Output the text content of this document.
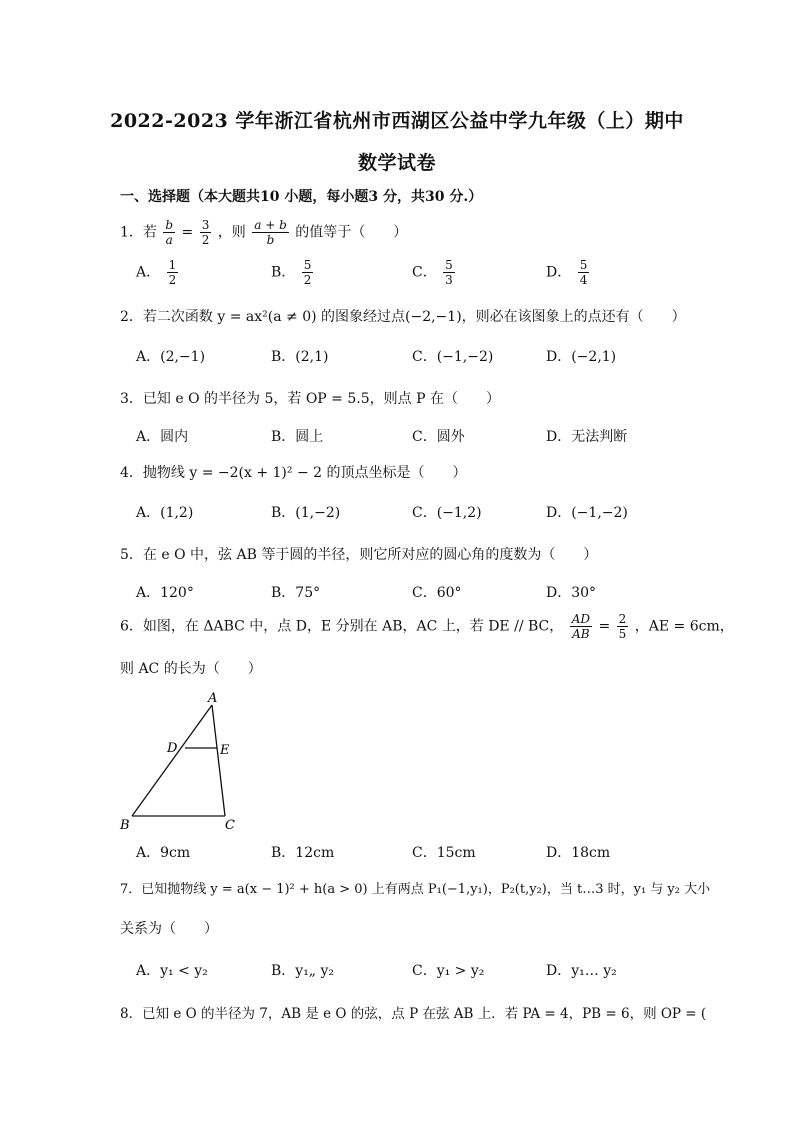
2022-2023 学年浙江省杭州市西湖区公益中学九年级（上）期中
数学试卷
一、选择题（本大题共10 小题，每小题3 分，共30 分.）
1．若 $\frac{b}{a} = \frac{3}{2}$ ，则 $\frac{a + b}{b}$ 的值等于（　　）
A． $\frac{1}{2}$	B． $\frac{5}{2}$	C． $\frac{5}{3}$	D． $\frac{5}{4}$
2．若二次函数 y = ax²(a ≠ 0) 的图象经过点(−2,−1)，则必在该图象上的点还有（　　）
A．(2,−1)	B．(2,1)	C．(−1,−2)	D．(−2,1)
3．已知 e O 的半径为 5，若 OP = 5.5，则点 P 在（　　）
A．圆内	B．圆上	C．圆外	D．无法判断
4．抛物线 y = −2(x + 1)² − 2 的顶点坐标是（　　）
A．(1,2)	B．(1,−2)	C．(−1,2)	D．(−1,−2)
5．在 e O 中，弦 AB 等于圆的半径，则它所对应的圆心角的度数为（　　）
A．120°	B．75°	C．60°	D．30°
6．如图，在 ΔABC 中，点 D，E 分别在 AB，AC 上，若 DE // BC， $\frac{AD}{AB} = \frac{2}{5}$ ，AE = 6cm，
则 AC 的长为（　　）
A
D	E
B	C
A．9cm	B．12cm	C．15cm	D．18cm
7．已知抛物线 y = a(x − 1)² + h(a > 0) 上有两点 P₁(−1,y₁)，P₂(t,y₂)，当 t…3 时，y₁ 与 y₂ 大小
关系为（　　）
A．y₁ < y₂	B．y₁„ y₂	C．y₁ > y₂	D．y₁… y₂
8．已知 e O 的半径为 7，AB 是 e O 的弦，点 P 在弦 AB 上．若 PA = 4，PB = 6，则 OP = (
